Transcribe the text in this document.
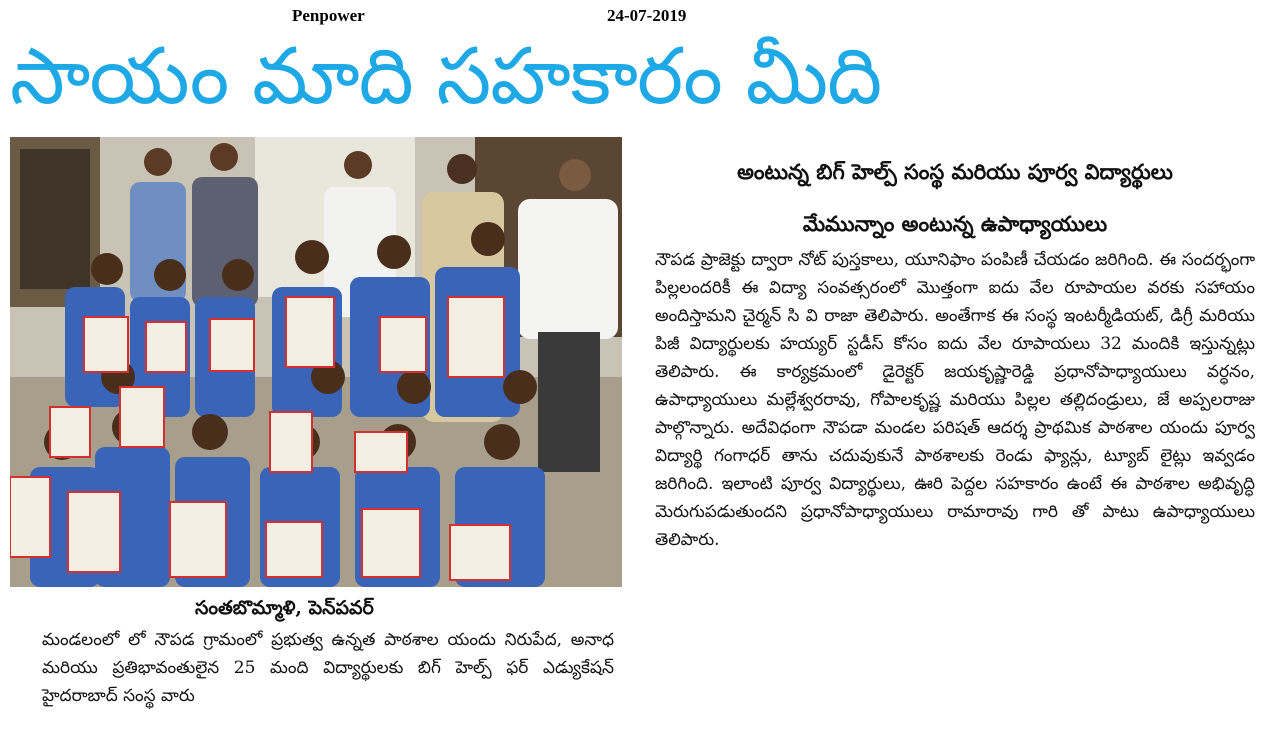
Penpower	24-07-2019
సాయం మాది సహకారం మీది
సంతబొమ్మాళి, పెన్‌పవర్

మండలంలో లో నౌపడ గ్రామంలో ప్రభుత్వ ఉన్నత పాఠశాల యందు నిరుపేద, అనాధ మరియు ప్రతిభావంతులైన 25 మంది విద్యార్థులకు బిగ్ హెల్ప్ ఫర్ ఎడ్యుకేషన్ హైదరాబాద్ సంస్థ వారు

అంటున్న బిగ్ హెల్ప్ సంస్థ మరియు పూర్వ విద్యార్థులు
మేమున్నాం అంటున్న ఉపాధ్యాయులు

నౌపడ ప్రాజెక్టు ద్వారా నోట్ పుస్తకాలు, యూనిఫాం పంపిణీ చేయడం జరిగింది. ఈ సందర్భంగా పిల్లలందరికీ ఈ విద్యా సంవత్సరంలో మొత్తంగా ఐదు వేల రూపాయల వరకు సహాయం అందిస్తామని చైర్మన్ సి వి రాజా తెలిపారు. అంతేగాక ఈ సంస్థ ఇంటర్మీడియట్, డిగ్రీ మరియు పిజీ విద్యార్థులకు హయ్యర్ స్టడీస్ కోసం ఐదు వేల రూపాయలు 32 మందికి ఇస్తున్నట్లు తెలిపారు. ఈ కార్యక్రమంలో డైరెక్టర్ జయకృష్ణారెడ్డి ప్రధానోపాధ్యాయులు వర్ధనం, ఉపాధ్యాయులు మల్లేశ్వరరావు, గోపాలకృష్ణ మరియు పిల్లల తల్లిదండ్రులు, జే అప్పలరాజు పాల్గొన్నారు. అదేవిధంగా నౌపడా మండల పరిషత్ ఆదర్శ ప్రాథమిక పాఠశాల యందు పూర్వ విద్యార్థి గంగాధర్ తాను చదువుకునే పాఠశాలకు రెండు ఫ్యాన్లు, ట్యూబ్ లైట్లు ఇవ్వడం జరిగింది. ఇలాంటి పూర్వ విద్యార్థులు, ఊరి పెద్దల సహకారం ఉంటే ఈ పాఠశాల అభివృద్ధి మెరుగుపడుతుందని ప్రధానోపాధ్యాయులు రామారావు గారి తో పాటు ఉపాధ్యాయులు తెలిపారు.
